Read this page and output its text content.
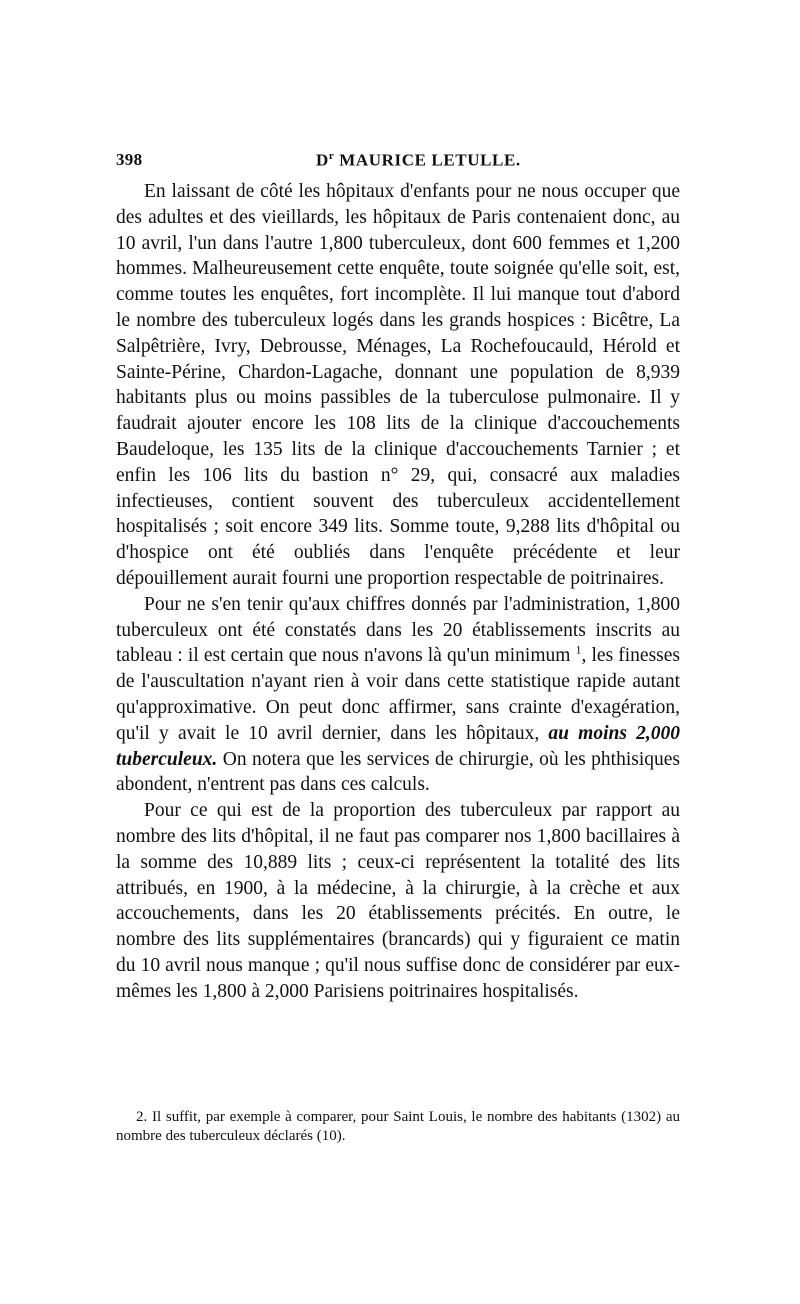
398	$D^r$ MAURICE LETULLE.

En laissant de côté les hôpitaux d'enfants pour ne nous occuper que des adultes et des vieillards, les hôpitaux de Paris contenaient donc, au 10 avril, l'un dans l'autre 1,800 tuberculeux, dont 600 femmes et 1,200 hommes. Malheureusement cette enquête, toute soignée qu'elle soit, est, comme toutes les enquêtes, fort incomplète. Il lui manque tout d'abord le nombre des tuberculeux logés dans les grands hospices : Bicêtre, La Salpêtrière, Ivry, Debrousse, Ménages, La Rochefoucauld, Hérold et Sainte-Périne, Chardon-Lagache, donnant une population de 8,939 habitants plus ou moins passibles de la tuberculose pulmonaire. Il y faudrait ajouter encore les 108 lits de la clinique d'accouchements Baudeloque, les 135 lits de la clinique d'accouchements Tarnier ; et enfin les 106 lits du bastion n° 29, qui, consacré aux maladies infectieuses, contient souvent des tuberculeux accidentellement hospitalisés ; soit encore 349 lits. Somme toute, 9,288 lits d'hôpital ou d'hospice ont été oubliés dans l'enquête précédente et leur dépouillement aurait fourni une proportion respectable de poitrinaires.

Pour ne s'en tenir qu'aux chiffres donnés par l'administration, 1,800 tuberculeux ont été constatés dans les 20 établissements inscrits au tableau : il est certain que nous n'avons là qu'un minimum $^1$, les finesses de l'auscultation n'ayant rien à voir dans cette statistique rapide autant qu'approximative. On peut donc affirmer, sans crainte d'exagération, qu'il y avait le 10 avril dernier, dans les hôpitaux, au moins 2,000 tuberculeux. On notera que les services de chirurgie, où les phthisiques abondent, n'entrent pas dans ces calculs.

Pour ce qui est de la proportion des tuberculeux par rapport au nombre des lits d'hôpital, il ne faut pas comparer nos 1,800 bacillaires à la somme des 10,889 lits ; ceux-ci représentent la totalité des lits attribués, en 1900, à la médecine, à la chirurgie, à la crèche et aux accouchements, dans les 20 établissements précités. En outre, le nombre des lits supplémentaires (brancards) qui y figuraient ce matin du 10 avril nous manque ; qu'il nous suffise donc de considérer par eux-mêmes les 1,800 à 2,000 Parisiens poitrinaires hospitalisés.

2. Il suffit, par exemple à comparer, pour Saint Louis, le nombre des habitants (1302) au nombre des tuberculeux déclarés (10).
